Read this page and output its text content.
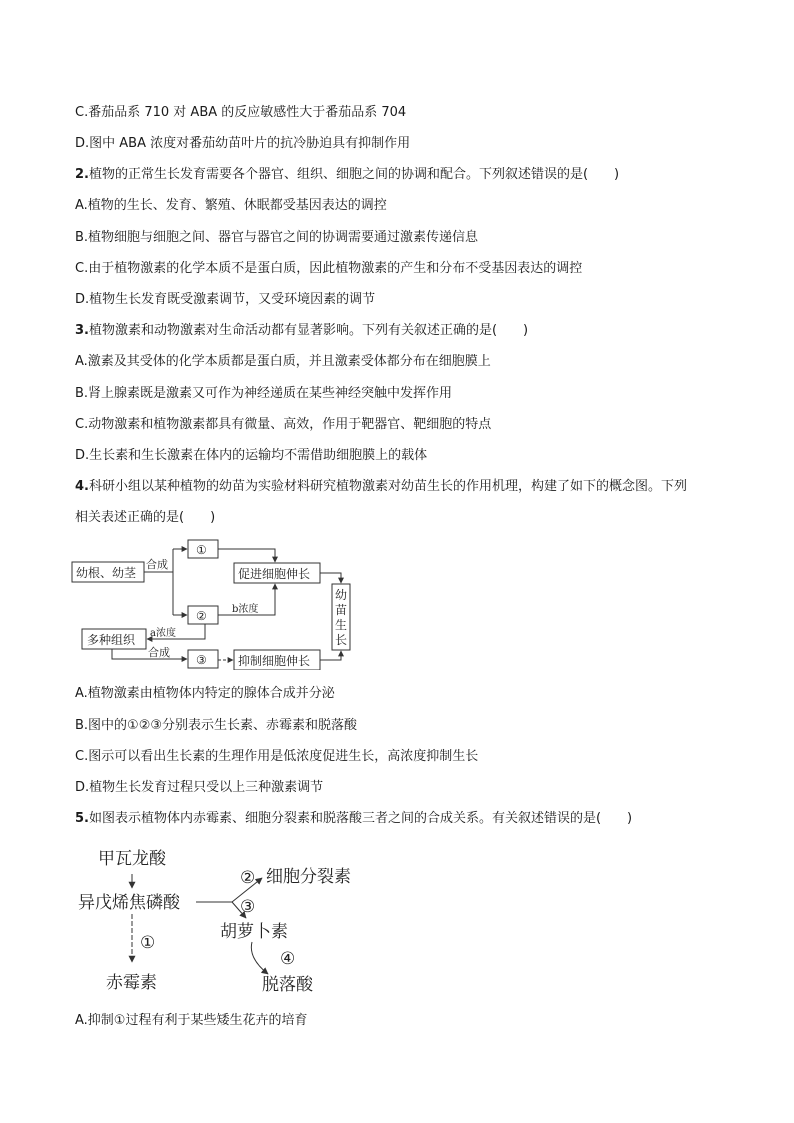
C.番茄品系 710 对 ABA 的反应敏感性大于番茄品系 704
D.图中 ABA 浓度对番茄幼苗叶片的抗冷胁迫具有抑制作用
2.植物的正常生长发育需要各个器官、组织、细胞之间的协调和配合。下列叙述错误的是(　　)
A.植物的生长、发育、繁殖、休眠都受基因表达的调控
B.植物细胞与细胞之间、器官与器官之间的协调需要通过激素传递信息
C.由于植物激素的化学本质不是蛋白质，因此植物激素的产生和分布不受基因表达的调控
D.植物生长发育既受激素调节，又受环境因素的调节
3.植物激素和动物激素对生命活动都有显著影响。下列有关叙述正确的是(　　)
A.激素及其受体的化学本质都是蛋白质，并且激素受体都分布在细胞膜上
B.肾上腺素既是激素又可作为神经递质在某些神经突触中发挥作用
C.动物激素和植物激素都具有微量、高效，作用于靶器官、靶细胞的特点
D.生长素和生长激素在体内的运输均不需借助细胞膜上的载体
4.科研小组以某种植物的幼苗为实验材料研究植物激素对幼苗生长的作用机理，构建了如下的概念图。下列
相关表述正确的是(　　)
幼根、幼茎
合成
①
②
③
b浓度
a浓度
多种组织
合成
促进细胞伸长
抑制细胞伸长
幼
苗
生
长
A.植物激素由植物体内特定的腺体合成并分泌
B.图中的①②③分别表示生长素、赤霉素和脱落酸
C.图示可以看出生长素的生理作用是低浓度促进生长，高浓度抑制生长
D.植物生长发育过程只受以上三种激素调节
5.如图表示植物体内赤霉素、细胞分裂素和脱落酸三者之间的合成关系。有关叙述错误的是(　　)
甲瓦龙酸
异戊烯焦磷酸
② 细胞分裂素
③
胡萝卜素
①
④
赤霉素	脱落酸
A.抑制①过程有利于某些矮生花卉的培育
